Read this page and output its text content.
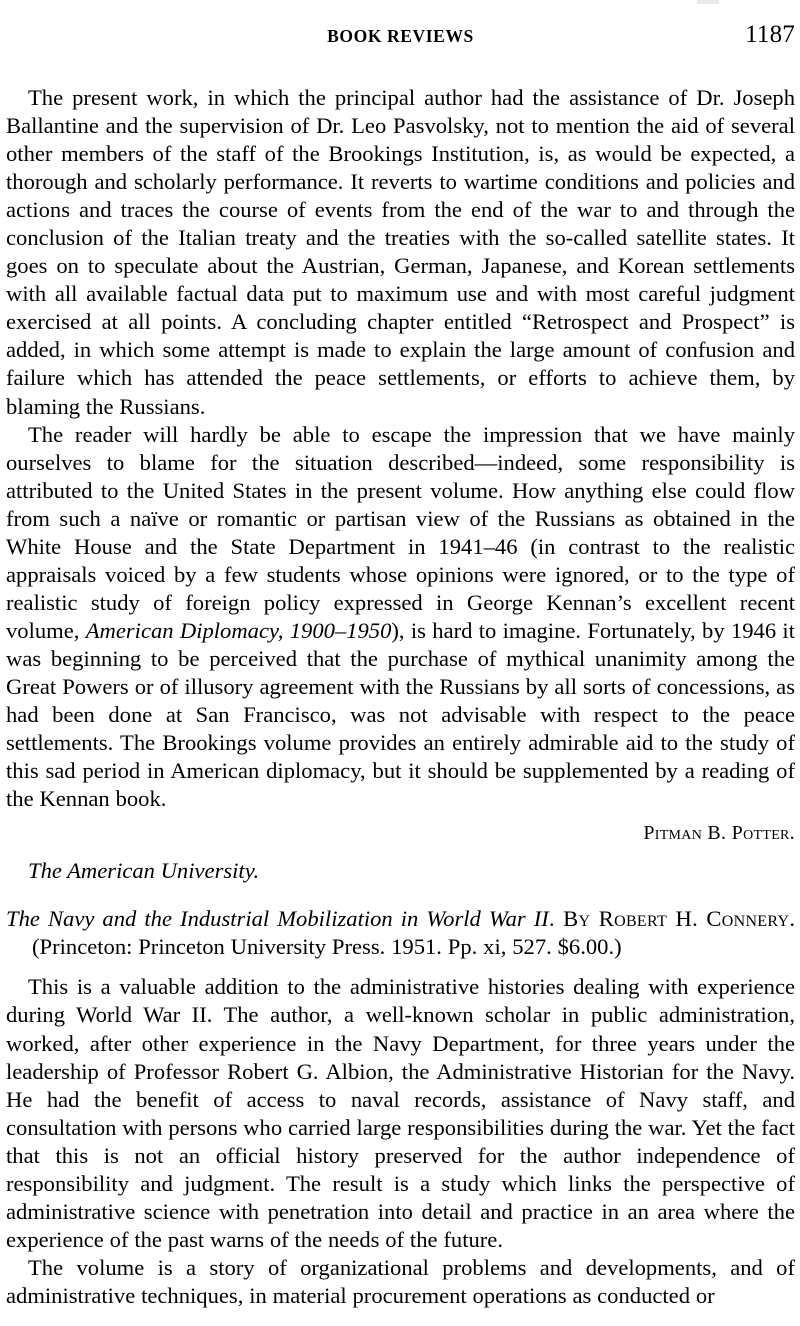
BOOK REVIEWS	1187

The present work, in which the principal author had the assistance of Dr. Joseph Ballantine and the supervision of Dr. Leo Pasvolsky, not to mention the aid of several other members of the staff of the Brookings Institution, is, as would be expected, a thorough and scholarly performance. It reverts to wartime conditions and policies and actions and traces the course of events from the end of the war to and through the conclusion of the Italian treaty and the treaties with the so-called satellite states. It goes on to speculate about the Austrian, German, Japanese, and Korean settlements with all available factual data put to maximum use and with most careful judgment exercised at all points. A concluding chapter entitled “Retrospect and Prospect” is added, in which some attempt is made to explain the large amount of confusion and failure which has attended the peace settlements, or efforts to achieve them, by blaming the Russians.

The reader will hardly be able to escape the impression that we have mainly ourselves to blame for the situation described—indeed, some responsibility is attributed to the United States in the present volume. How anything else could flow from such a naïve or romantic or partisan view of the Russians as obtained in the White House and the State Department in 1941–46 (in contrast to the realistic appraisals voiced by a few students whose opinions were ignored, or to the type of realistic study of foreign policy expressed in George Kennan’s excellent recent volume, American Diplomacy, 1900–1950), is hard to imagine. Fortunately, by 1946 it was beginning to be perceived that the purchase of mythical unanimity among the Great Powers or of illusory agreement with the Russians by all sorts of concessions, as had been done at San Francisco, was not advisable with respect to the peace settlements. The Brookings volume provides an entirely admirable aid to the study of this sad period in American diplomacy, but it should be supplemented by a reading of the Kennan book.

Pitman B. Potter.

The American University.

The Navy and the Industrial Mobilization in World War II. By Robert H. Connery. (Princeton: Princeton University Press. 1951. Pp. xi, 527. $6.00.)

This is a valuable addition to the administrative histories dealing with experience during World War II. The author, a well-known scholar in public administration, worked, after other experience in the Navy Department, for three years under the leadership of Professor Robert G. Albion, the Administrative Historian for the Navy. He had the benefit of access to naval records, assistance of Navy staff, and consultation with persons who carried large responsibilities during the war. Yet the fact that this is not an official history preserved for the author independence of responsibility and judgment. The result is a study which links the perspective of administrative science with penetration into detail and practice in an area where the experience of the past warns of the needs of the future.

The volume is a story of organizational problems and developments, and of administrative techniques, in material procurement operations as conducted or
